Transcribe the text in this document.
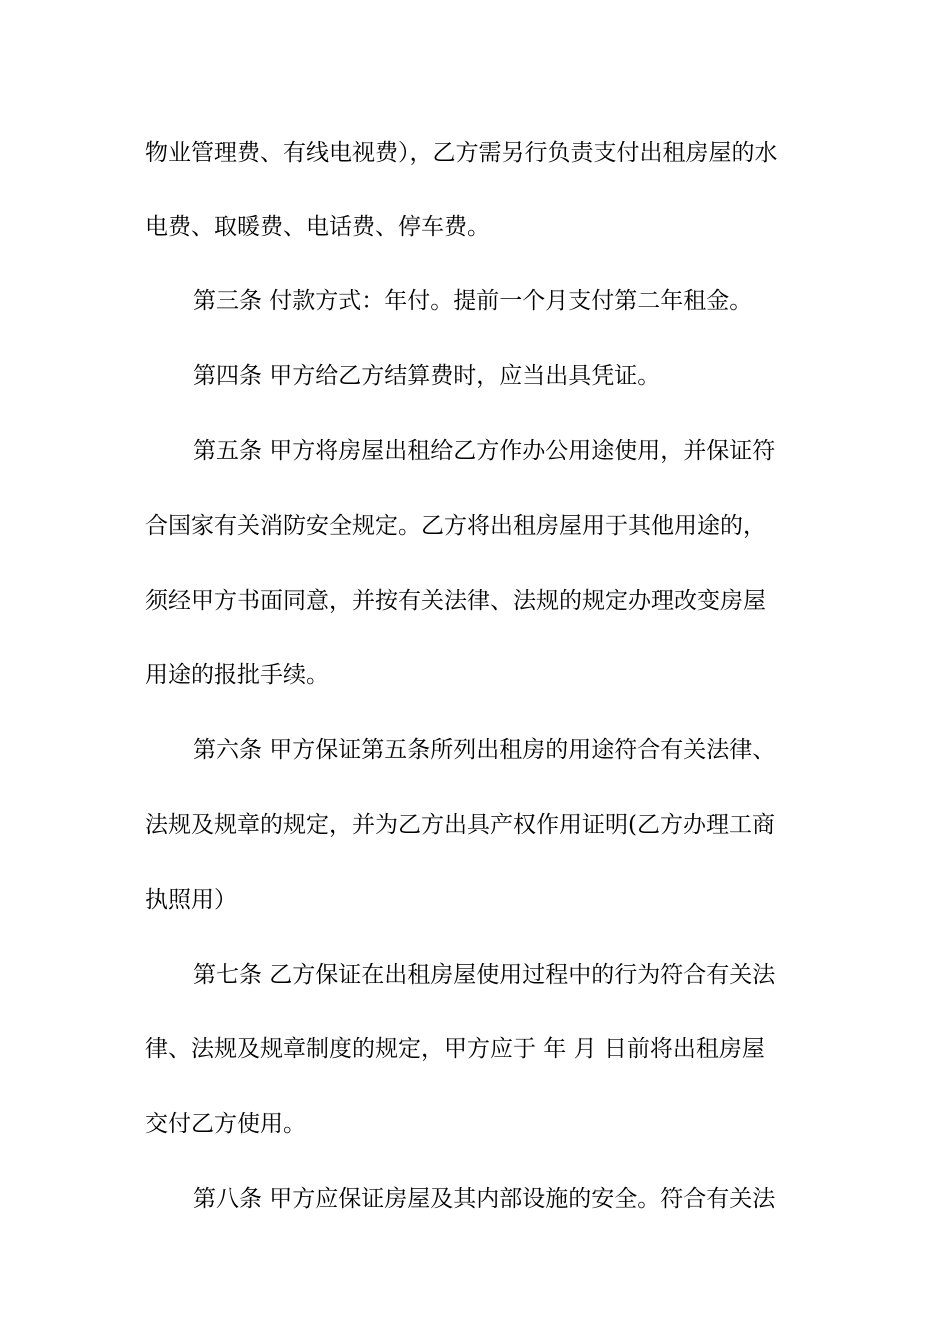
物业管理费、有线电视费），乙方需另行负责支付出租房屋的水
电费、取暖费、电话费、停车费。
第三条 付款方式：年付。提前一个月支付第二年租金。
第四条 甲方给乙方结算费时，应当出具凭证。
第五条 甲方将房屋出租给乙方作办公用途使用，并保证符
合国家有关消防安全规定。乙方将出租房屋用于其他用途的，
须经甲方书面同意，并按有关法律、法规的规定办理改变房屋
用途的报批手续。
第六条 甲方保证第五条所列出租房的用途符合有关法律、
法规及规章的规定，并为乙方出具产权作用证明(乙方办理工商
执照用）
第七条 乙方保证在出租房屋使用过程中的行为符合有关法
律、法规及规章制度的规定，甲方应于 年 月 日前将出租房屋
交付乙方使用。
第八条 甲方应保证房屋及其内部设施的安全。符合有关法
